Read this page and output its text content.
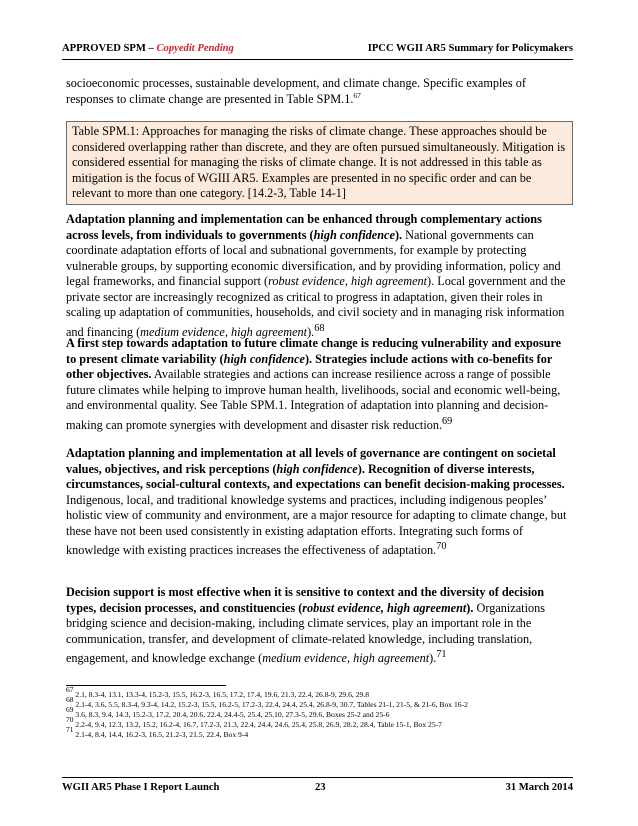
APPROVED SPM – Copyedit Pending	IPCC WGII AR5 Summary for Policymakers

socioeconomic processes, sustainable development, and climate change. Specific examples of responses to climate change are presented in Table SPM.1.67

Table SPM.1: Approaches for managing the risks of climate change. These approaches should be considered overlapping rather than discrete, and they are often pursued simultaneously. Mitigation is considered essential for managing the risks of climate change. It is not addressed in this table as mitigation is the focus of WGIII AR5. Examples are presented in no specific order and can be relevant to more than one category. [14.2-3, Table 14-1]
Adaptation planning and implementation can be enhanced through complementary actions across levels, from individuals to governments (high confidence). National governments can coordinate adaptation efforts of local and subnational governments, for example by protecting vulnerable groups, by supporting economic diversification, and by providing information, policy and legal frameworks, and financial support (robust evidence, high agreement). Local government and the private sector are increasingly recognized as critical to progress in adaptation, given their roles in scaling up adaptation of communities, households, and civil society and in managing risk information and financing (medium evidence, high agreement).$^{68}$
A first step towards adaptation to future climate change is reducing vulnerability and exposure to present climate variability (high confidence). Strategies include actions with co-benefits for other objectives. Available strategies and actions can increase resilience across a range of possible future climates while helping to improve human health, livelihoods, social and economic well-being, and environmental quality. See Table SPM.1. Integration of adaptation into planning and decision-making can promote synergies with development and disaster risk reduction.$^{69}$
Adaptation planning and implementation at all levels of governance are contingent on societal values, objectives, and risk perceptions (high confidence). Recognition of diverse interests, circumstances, social-cultural contexts, and expectations can benefit decision-making processes. Indigenous, local, and traditional knowledge systems and practices, including indigenous peoples’ holistic view of community and environment, are a major resource for adapting to climate change, but these have not been used consistently in existing adaptation efforts. Integrating such forms of knowledge with existing practices increases the effectiveness of adaptation.$^{70}$
Decision support is most effective when it is sensitive to context and the diversity of decision types, decision processes, and constituencies (robust evidence, high agreement). Organizations bridging science and decision-making, including climate services, play an important role in the communication, transfer, and development of climate-related knowledge, including translation, engagement, and knowledge exchange (medium evidence, high agreement).$^{71}$
$^{67}$ 2.1, 8.3-4, 13.1, 13.3-4, 15.2-3, 15.5, 16.2-3, 16.5, 17.2, 17.4, 19.6, 21.3, 22.4, 26.8-9, 29.6, 29.8
$^{68}$ 2.1-4, 3.6, 5.5, 8.3-4, 9.3-4, 14.2, 15.2-3, 15.5, 16.2-5, 17.2-3, 22.4, 24.4, 25.4, 26.8-9, 30.7, Tables 21-1, 21-5, & 21-6, Box 16-2
$^{69}$ 3.6, 8.3, 9.4, 14.3, 15.2-3, 17.2, 20.4, 20.6, 22.4, 24.4-5, 25.4, 25.10, 27.3-5, 29.6, Boxes 25-2 and 25-6
$^{70}$ 2.2-4, 9.4, 12.3, 13.2, 15.2, 16.2-4, 16.7, 17.2-3, 21.3, 22.4, 24.4, 24.6, 25.4, 25.8, 26.9, 28.2, 28.4, Table 15-1, Box 25-7
$^{71}$ 2.1-4, 8.4, 14.4, 16.2-3, 16.5, 21.2-3, 21.5, 22.4, Box 9-4
WGII AR5 Phase I Report Launch	23	31 March 2014
